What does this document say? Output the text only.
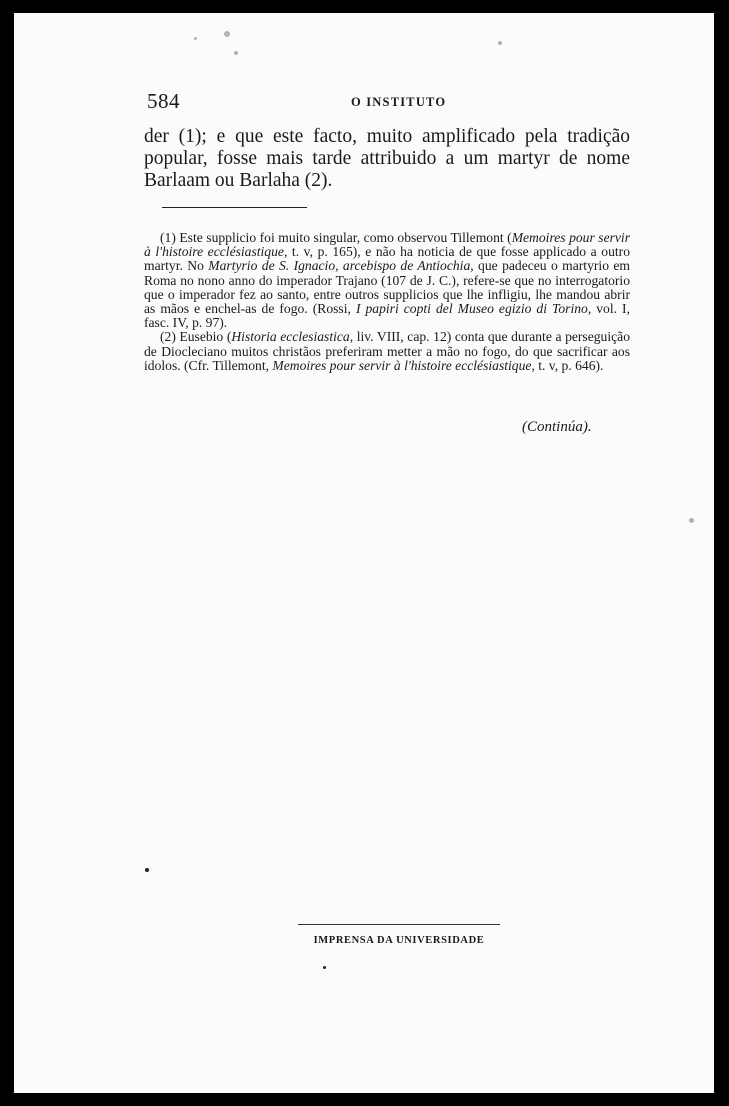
584	O INSTITUTO

der (1); e que este facto, muito amplificado pela tradição popular, fosse mais tarde attribuido a um martyr de nome Barlaam ou Barlaha (2).

(1) Este supplicio foi muito singular, como observou Tillemont (Memoires pour servir à l'histoire ecclésiastique, t. v, p. 165), e não ha noticia de que fosse applicado a outro martyr. No Martyrio de S. Ignacio, arcebispo de Antiochia, que padeceu o martyrio em Roma no nono anno do imperador Trajano (107 de J. C.), refere-se que no interrogatorio que o imperador fez ao santo, entre outros supplicios que lhe infligiu, lhe mandou abrir as mãos e enchel-as de fogo. (Rossi, I papiri copti del Museo egizio di Torino, vol. I, fasc. IV, p. 97).

(2) Eusebio (Historia ecclesiastica, liv. VIII, cap. 12) conta que durante a perseguição de Diocleciano muitos christãos preferiram metter a mão no fogo, do que sacrificar aos idolos. (Cfr. Tillemont, Memoires pour servir à l'histoire ecclésiastique, t. v, p. 646).

(Continúa).
IMPRENSA DA UNIVERSIDADE
